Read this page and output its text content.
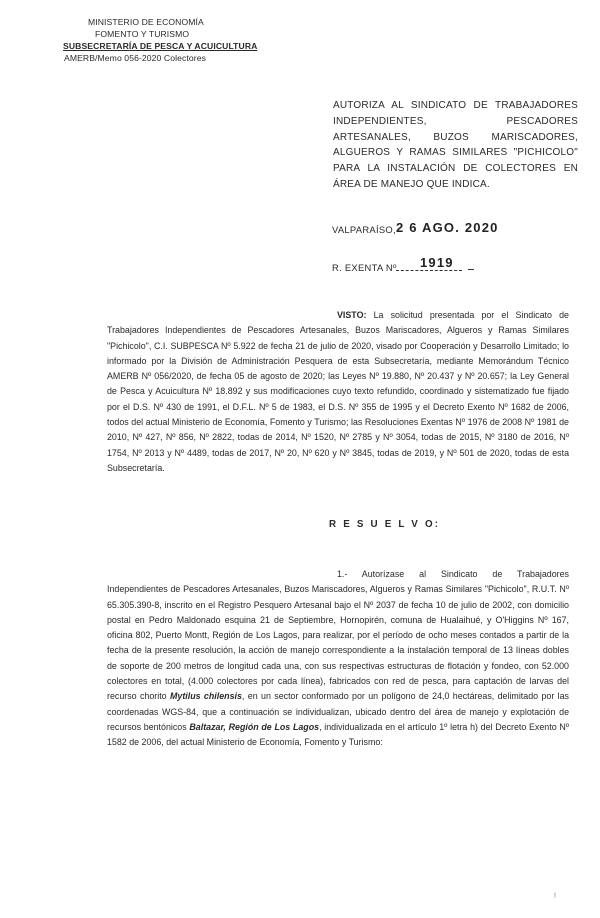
MINISTERIO DE ECONOMÍA
FOMENTO Y TURISMO
SUBSECRETARÍA DE PESCA Y ACUICULTURA
AMERB/Memo 056-2020 Colectores
AUTORIZA AL SINDICATO DE TRABAJADORES INDEPENDIENTES, PESCADORES ARTESANALES, BUZOS MARISCADORES, ALGUEROS Y RAMAS SIMILARES "PICHICOLO" PARA LA INSTALACIÓN DE COLECTORES EN ÁREA DE MANEJO QUE INDICA.
VALPARAÍSO, 2 6 AGO. 2020
R. EXENTA Nº 1919
VISTO: La solicitud presentada por el Sindicato de Trabajadores Independientes de Pescadores Artesanales, Buzos Mariscadores, Algueros y Ramas Similares "Pichicolo", C.I. SUBPESCA Nº 5.922 de fecha 21 de julio de 2020, visado por Cooperación y Desarrollo Limitado; lo informado por la División de Administración Pesquera de esta Subsecretaría, mediante Memorándum Técnico AMERB Nº 056/2020, de fecha 05 de agosto de 2020; las Leyes Nº 19.880, Nº 20.437 y Nº 20.657; la Ley General de Pesca y Acuicultura Nº 18.892 y sus modificaciones cuyo texto refundido, coordinado y sistematizado fue fijado por el D.S. Nº 430 de 1991, el D.F.L. Nº 5 de 1983, el D.S. Nº 355 de 1995 y el Decreto Exento Nº 1682 de 2006, todos del actual Ministerio de Economía, Fomento y Turismo; las Resoluciones Exentas Nº 1976 de 2008 Nº 1981 de 2010, Nº 427, Nº 856, Nº 2822, todas de 2014, Nº 1520, Nº 2785 y Nº 3054, todas de 2015, Nº 3180 de 2016, Nº 1754, Nº 2013 y Nº 4489, todas de 2017, Nº 20, Nº 620 y Nº 3845, todas de 2019, y Nº 501 de 2020, todas de esta Subsecretaría.
R E S U E L V O:
1.- Autorízase al Sindicato de Trabajadores Independientes de Pescadores Artesanales, Buzos Mariscadores, Algueros y Ramas Similares "Pichicolo", R.U.T. Nº 65.305.390-8, inscrito en el Registro Pesquero Artesanal bajo el Nº 2037 de fecha 10 de julio de 2002, con domicilio postal en Pedro Maldonado esquina 21 de Septiembre, Hornopirén, comuna de Hualaihué, y O'Higgins Nº 167, oficina 802, Puerto Montt, Región de Los Lagos, para realizar, por el período de ocho meses contados a partir de la fecha de la presente resolución, la acción de manejo correspondiente a la instalación temporal de 13 líneas dobles de soporte de 200 metros de longitud cada una, con sus respectivas estructuras de flotación y fondeo, con 52.000 colectores en total, (4.000 colectores por cada línea), fabricados con red de pesca, para captación de larvas del recurso chorito Mytilus chilensis, en un sector conformado por un polígono de 24,0 hectáreas, delimitado por las coordenadas WGS-84, que a continuación se individualizan, ubicado dentro del área de manejo y explotación de recursos bentónicos Baltazar, Región de Los Lagos, individualizada en el artículo 1º letra h) del Decreto Exento Nº 1582 de 2006, del actual Ministerio de Economía, Fomento y Turismo:
f
